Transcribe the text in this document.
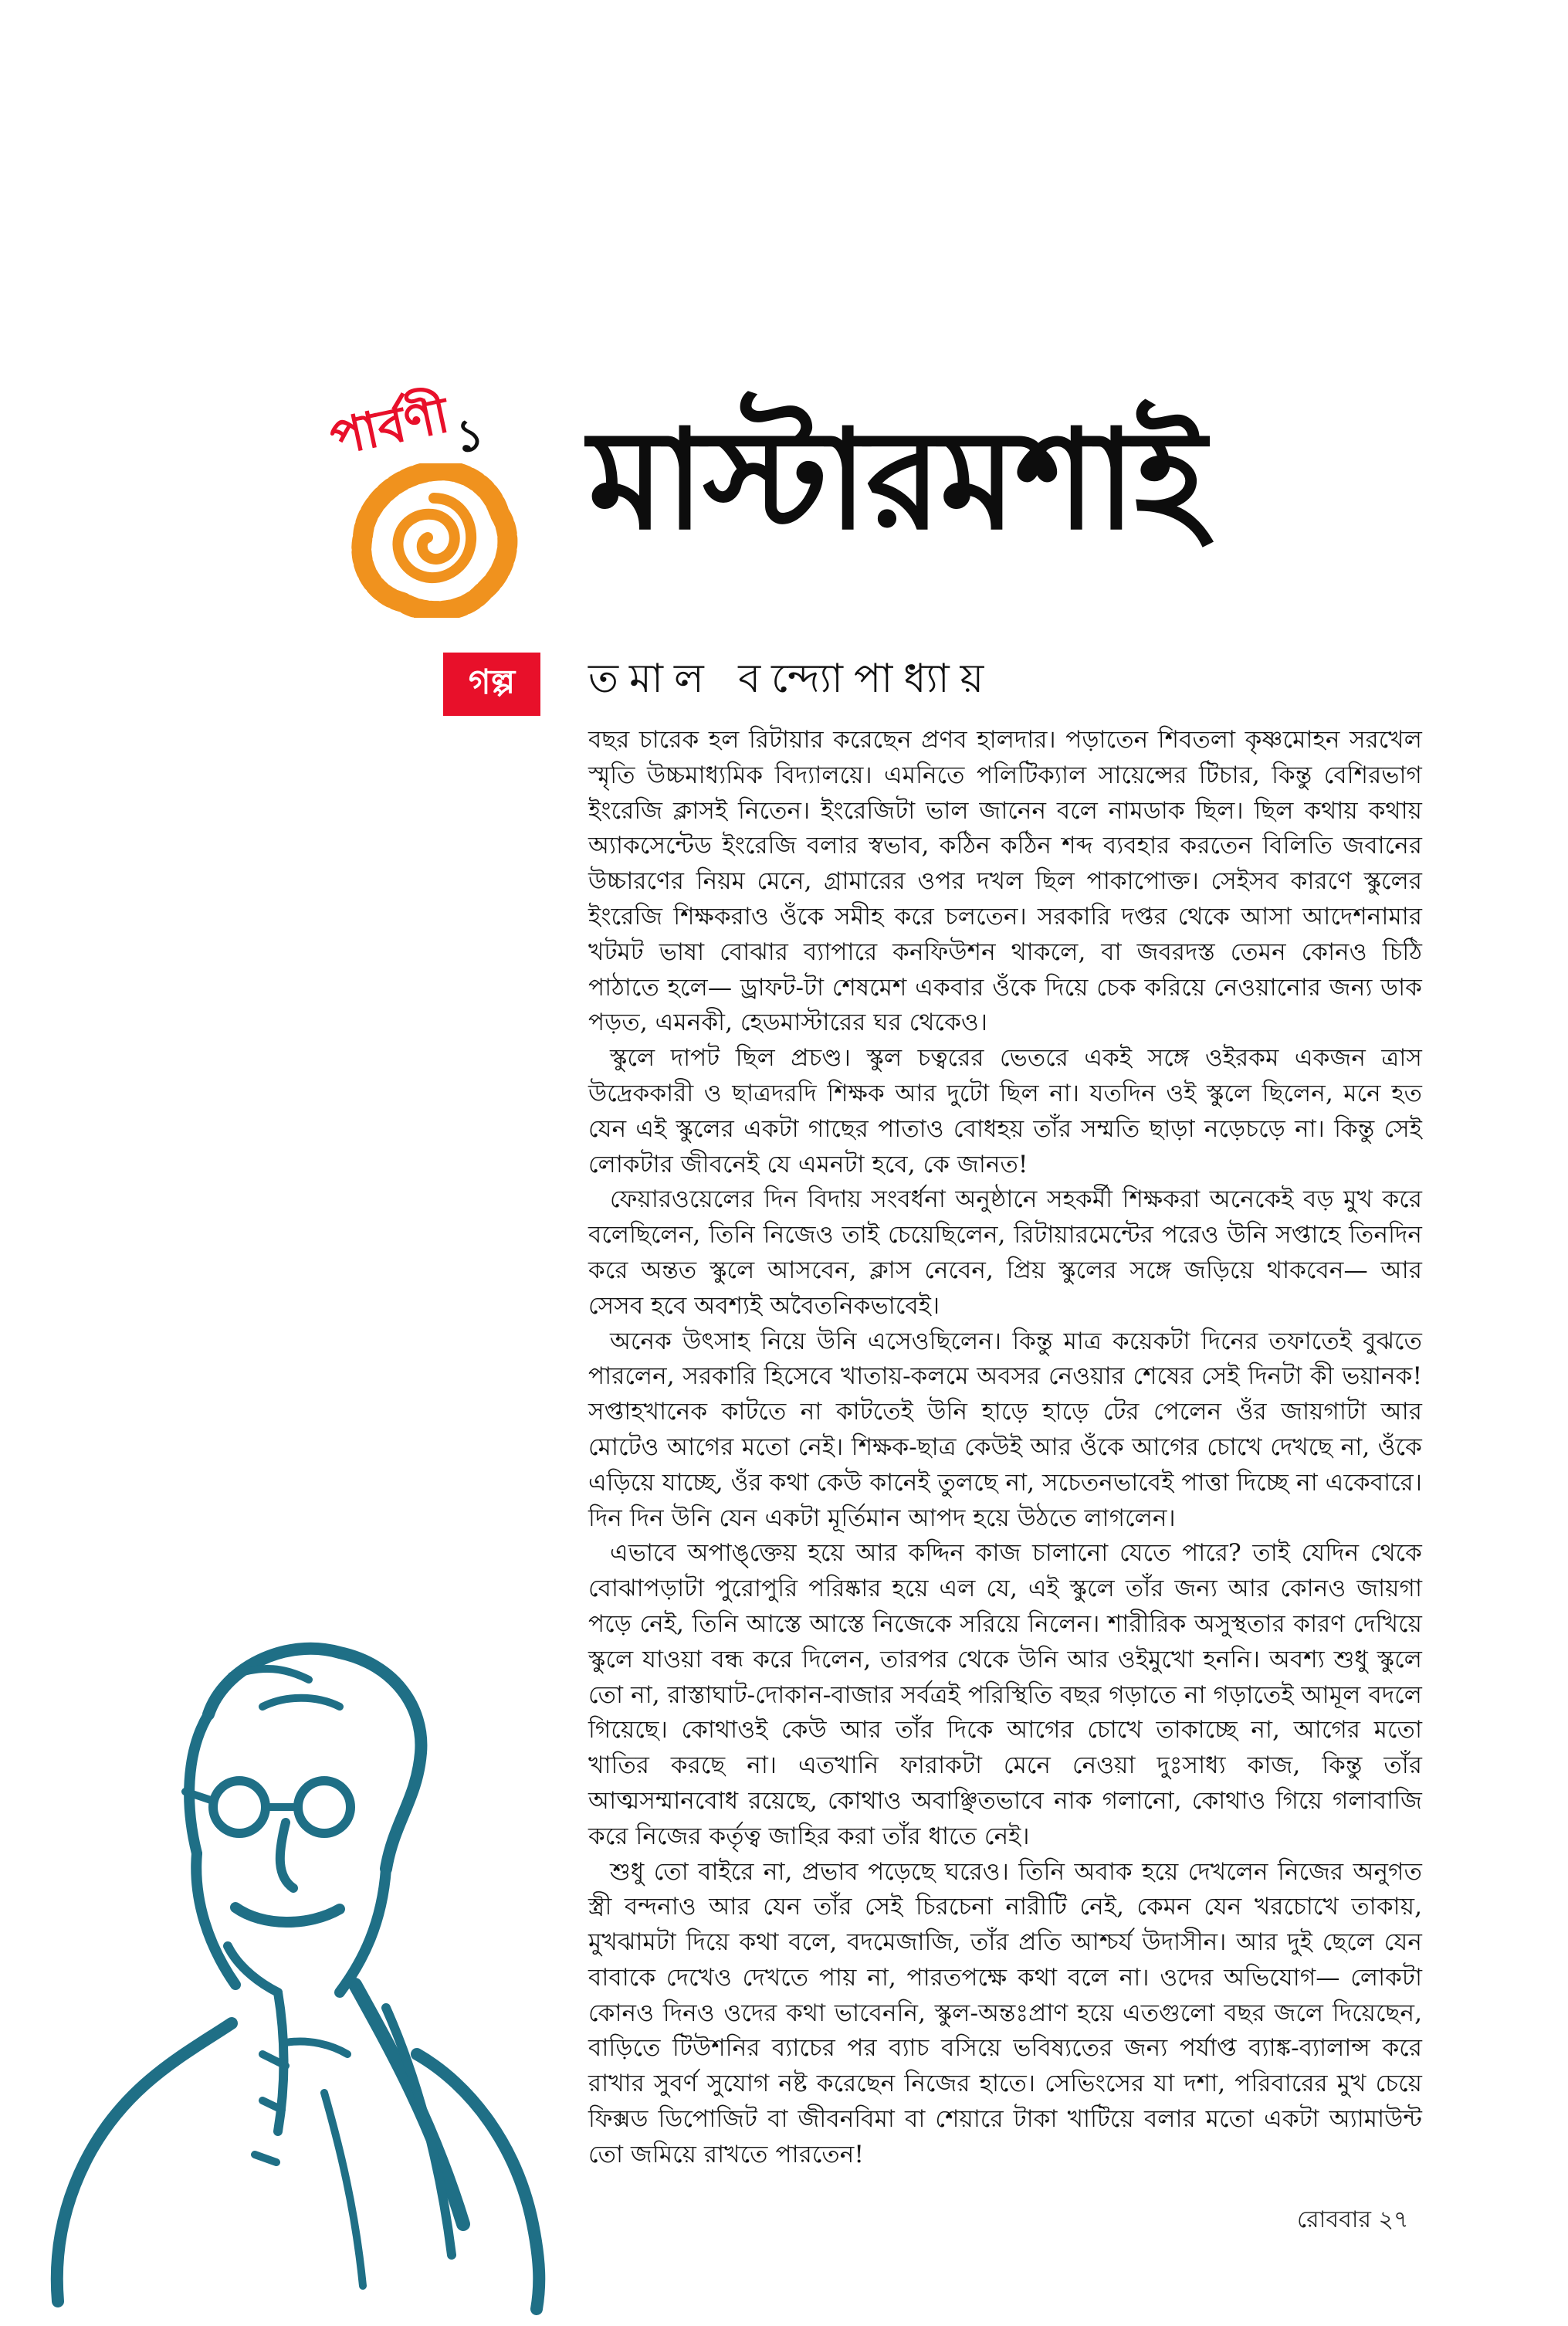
পার্বণী ১ মাস্টারমশাই
গল্প	তমাল বন্দ্যোপাধ্যায়

বছর চারেক হল রিটায়ার করেছেন প্রণব হালদার। পড়াতেন শিবতলা কৃষ্ণমোহন সরখেল স্মৃতি উচ্চমাধ্যমিক বিদ্যালয়ে। এমনিতে পলিটিক্যাল সায়েন্সের টিচার, কিন্তু বেশিরভাগ ইংরেজি ক্লাসই নিতেন। ইংরেজিটা ভাল জানেন বলে নামডাক ছিল। ছিল কথায় কথায় অ্যাকসেন্টেড ইংরেজি বলার স্বভাব, কঠিন কঠিন শব্দ ব্যবহার করতেন বিলিতি জবানের উচ্চারণের নিয়ম মেনে, গ্রামারের ওপর দখল ছিল পাকাপোক্ত। সেইসব কারণে স্কুলের ইংরেজি শিক্ষকরাও ওঁকে সমীহ করে চলতেন। সরকারি দপ্তর থেকে আসা আদেশনামার খটমট ভাষা বোঝার ব্যাপারে কনফিউশন থাকলে, বা জবরদস্ত তেমন কোনও চিঠি পাঠাতে হলে— ড্রাফট-টা শেষমেশ একবার ওঁকে দিয়ে চেক করিয়ে নেওয়ানোর জন্য ডাক পড়ত, এমনকী, হেডমাস্টারের ঘর থেকেও।

স্কুলে দাপট ছিল প্রচণ্ড। স্কুল চত্বরের ভেতরে একই সঙ্গে ওইরকম একজন ত্রাস উদ্রেককারী ও ছাত্রদরদি শিক্ষক আর দুটো ছিল না। যতদিন ওই স্কুলে ছিলেন, মনে হত যেন এই স্কুলের একটা গাছের পাতাও বোধহয় তাঁর সম্মতি ছাড়া নড়েচড়ে না। কিন্তু সেই লোকটার জীবনেই যে এমনটা হবে, কে জানত!

ফেয়ারওয়েলের দিন বিদায় সংবর্ধনা অনুষ্ঠানে সহকর্মী শিক্ষকরা অনেকেই বড় মুখ করে বলেছিলেন, তিনি নিজেও তাই চেয়েছিলেন, রিটায়ারমেন্টের পরেও উনি সপ্তাহে তিনদিন করে অন্তত স্কুলে আসবেন, ক্লাস নেবেন, প্রিয় স্কুলের সঙ্গে জড়িয়ে থাকবেন— আর সেসব হবে অবশ্যই অবৈতনিকভাবেই।

অনেক উৎসাহ নিয়ে উনি এসেওছিলেন। কিন্তু মাত্র কয়েকটা দিনের তফাতেই বুঝতে পারলেন, সরকারি হিসেবে খাতায়-কলমে অবসর নেওয়ার শেষের সেই দিনটা কী ভয়ানক! সপ্তাহখানেক কাটতে না কাটতেই উনি হাড়ে হাড়ে টের পেলেন ওঁর জায়গাটা আর মোটেও আগের মতো নেই। শিক্ষক-ছাত্র কেউই আর ওঁকে আগের চোখে দেখছে না, ওঁকে এড়িয়ে যাচ্ছে, ওঁর কথা কেউ কানেই তুলছে না, সচেতনভাবেই পাত্তা দিচ্ছে না একেবারে। দিন দিন উনি যেন একটা মূর্তিমান আপদ হয়ে উঠতে লাগলেন।

এভাবে অপাঙ্‌ক্তেয় হয়ে আর কদ্দিন কাজ চালানো যেতে পারে? তাই যেদিন থেকে বোঝাপড়াটা পুরোপুরি পরিষ্কার হয়ে এল যে, এই স্কুলে তাঁর জন্য আর কোনও জায়গা পড়ে নেই, তিনি আস্তে আস্তে নিজেকে সরিয়ে নিলেন। শারীরিক অসুস্থতার কারণ দেখিয়ে স্কুলে যাওয়া বন্ধ করে দিলেন, তারপর থেকে উনি আর ওইমুখো হননি। অবশ্য শুধু স্কুলে তো না, রাস্তাঘাট-দোকান-বাজার সর্বত্রই পরিস্থিতি বছর গড়াতে না গড়াতেই আমূল বদলে গিয়েছে। কোথাওই কেউ আর তাঁর দিকে আগের চোখে তাকাচ্ছে না, আগের মতো খাতির করছে না। এতখানি ফারাকটা মেনে নেওয়া দুঃসাধ্য কাজ, কিন্তু তাঁর আত্মসম্মানবোধ রয়েছে, কোথাও অবাঞ্ছিতভাবে নাক গলানো, কোথাও গিয়ে গলাবাজি করে নিজের কর্তৃত্ব জাহির করা তাঁর ধাতে নেই।

শুধু তো বাইরে না, প্রভাব পড়েছে ঘরেও। তিনি অবাক হয়ে দেখলেন নিজের অনুগত স্ত্রী বন্দনাও আর যেন তাঁর সেই চিরচেনা নারীটি নেই, কেমন যেন খরচোখে তাকায়, মুখঝামটা দিয়ে কথা বলে, বদমেজাজি, তাঁর প্রতি আশ্চর্য উদাসীন। আর দুই ছেলে যেন বাবাকে দেখেও দেখতে পায় না, পারতপক্ষে কথা বলে না। ওদের অভিযোগ— লোকটা কোনও দিনও ওদের কথা ভাবেননি, স্কুল-অন্তঃপ্রাণ হয়ে এতগুলো বছর জলে দিয়েছেন, বাড়িতে টিউশনির ব্যাচের পর ব্যাচ বসিয়ে ভবিষ্যতের জন্য পর্যাপ্ত ব্যাঙ্ক-ব্যালান্স করে রাখার সুবর্ণ সুযোগ নষ্ট করেছেন নিজের হাতে। সেভিংসের যা দশা, পরিবারের মুখ চেয়ে ফিক্সড ডিপোজিট বা জীবনবিমা বা শেয়ারে টাকা খাটিয়ে বলার মতো একটা অ্যামাউন্ট তো জমিয়ে রাখতে পারতেন!

রোববার ২৭
